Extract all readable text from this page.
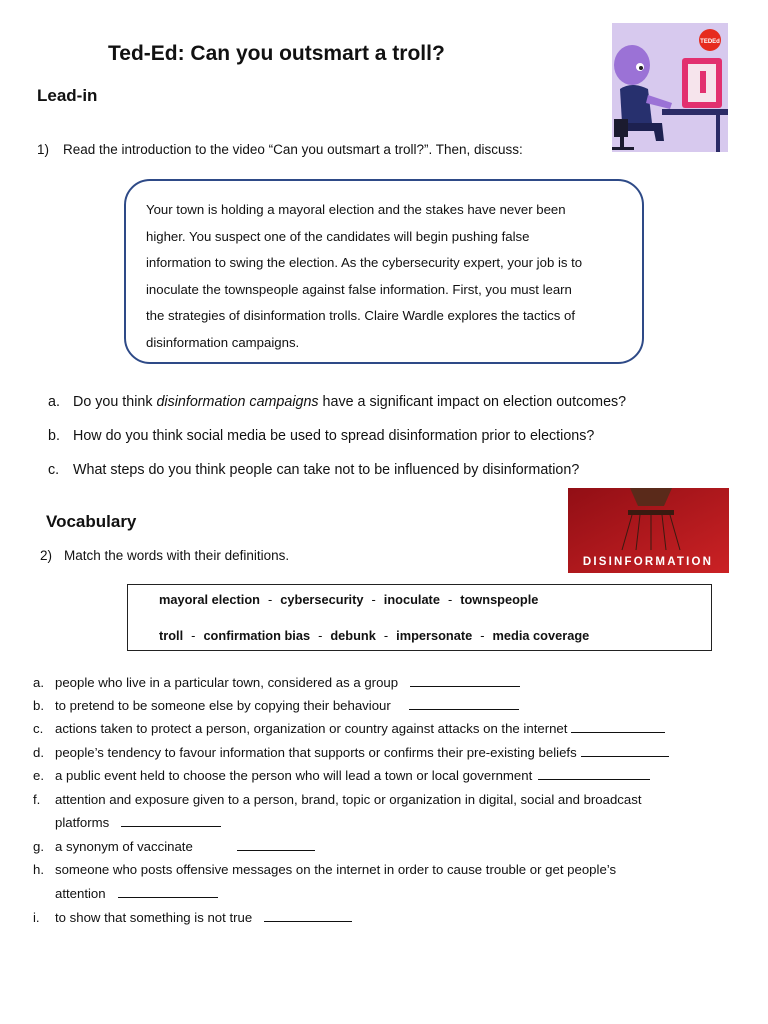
Ted-Ed: Can you outsmart a troll?	TEDEd
Lead-in
1) Read the introduction to the video “Can you outsmart a troll?”. Then, discuss:
Your town is holding a mayoral election and the stakes have never been
higher. You suspect one of the candidates will begin pushing false
information to swing the election. As the cybersecurity expert, your job is to
inoculate the townspeople against false information. First, you must learn
the strategies of disinformation trolls. Claire Wardle explores the tactics of
disinformation campaigns.
a. Do you think disinformation campaigns have a significant impact on election outcomes?
b. How do you think social media be used to spread disinformation prior to elections?
c. What steps do you think people can take not to be influenced by disinformation?
Vocabulary
DISINFORMATION
2) Match the words with their definitions.
mayoral election - cybersecurity - inoculate - townspeople
troll - confirmation bias - debunk - impersonate - media coverage
a. people who live in a particular town, considered as a group
b. to pretend to be someone else by copying their behaviour
c. actions taken to protect a person, organization or country against attacks on the internet
d. people’s tendency to favour information that supports or confirms their pre-existing beliefs
e. a public event held to choose the person who will lead a town or local government
f. attention and exposure given to a person, brand, topic or organization in digital, social and broadcast
platforms
g. a synonym of vaccinate
h. someone who posts offensive messages on the internet in order to cause trouble or get people’s
attention
i. to show that something is not true
